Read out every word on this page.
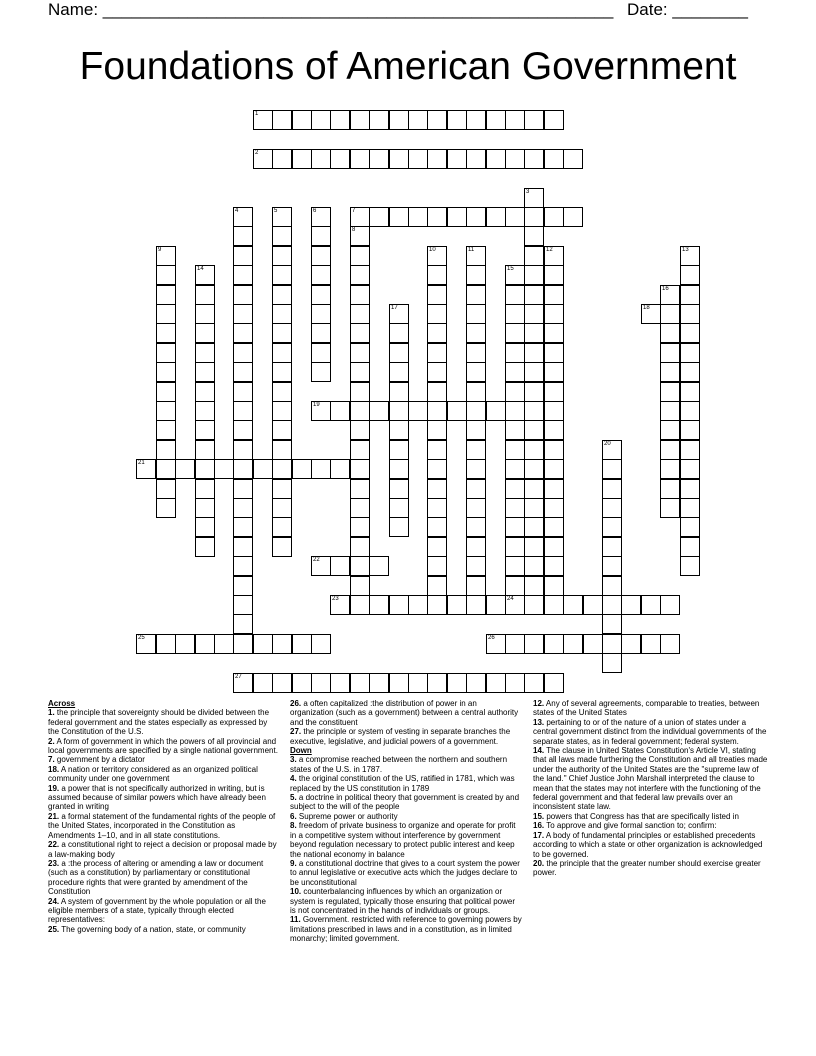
Name: ______________________________________________________ Date: ________
Foundations of American Government
1
2
7
18
19
21
22
23	24
25	26
27
3
4	5	6
8
9	10	11	12	13
14	15
16
17
20
Across
1. the principle that sovereignty should be divided between the federal government and the states especially as expressed by the Constitution of the U.S.
2. A form of government in which the powers of all provincial and local governments are specified by a single national government.
7. government by a dictator
18. A nation or territory considered as an organized political community under one government
19. a power that is not specifically authorized in writing, but is assumed because of similar powers which have already been granted in writing
21. a formal statement of the fundamental rights of the people of the United States, incorporated in the Constitution as Amendments 1–10, and in all state constitutions.
22. a constitutional right to reject a decision or proposal made by a law-making body
23. a :the process of altering or amending a law or document (such as a constitution) by parliamentary or constitutional procedure rights that were granted by amendment of the Constitution
24. A system of government by the whole population or all the eligible members of a state, typically through elected representatives:
25. The governing body of a nation, state, or community
26. a often capitalized :the distribution of power in an organization (such as a government) between a central authority and the constituent
27. the principle or system of vesting in separate branches the executive, legislative, and judicial powers of a government.
Down
3. a compromise reached between the northern and southern states of the U.S. in 1787.
4. the original constitution of the US, ratified in 1781, which was replaced by the US constitution in 1789
5. a doctrine in political theory that government is created by and subject to the will of the people
6. Supreme power or authority
8. freedom of private business to organize and operate for profit in a competitive system without interference by government beyond regulation necessary to protect public interest and keep the national economy in balance
9. a constitutional doctrine that gives to a court system the power to annul legislative or executive acts which the judges declare to be unconstitutional
10. counterbalancing influences by which an organization or system is regulated, typically those ensuring that political power is not concentrated in the hands of individuals or groups.
11. Government. restricted with reference to governing powers by limitations prescribed in laws and in a constitution, as in limited monarchy; limited government.
12. Any of several agreements, comparable to treaties, between states of the United States
13. pertaining to or of the nature of a union of states under a central government distinct from the individual governments of the separate states, as in federal government; federal system.
14. The clause in United States Constitution's Article VI, stating that all laws made furthering the Constitution and all treaties made under the authority of the United States are the "supreme law of the land." Chief Justice John Marshall interpreted the clause to mean that the states may not interfere with the functioning of the federal government and that federal law prevails over an inconsistent state law.
15. powers that Congress has that are specifically listed in
16. To approve and give formal sanction to; confirm:
17. A body of fundamental principles or established precedents according to which a state or other organization is acknowledged to be governed.
20. the principle that the greater number should exercise greater power.
